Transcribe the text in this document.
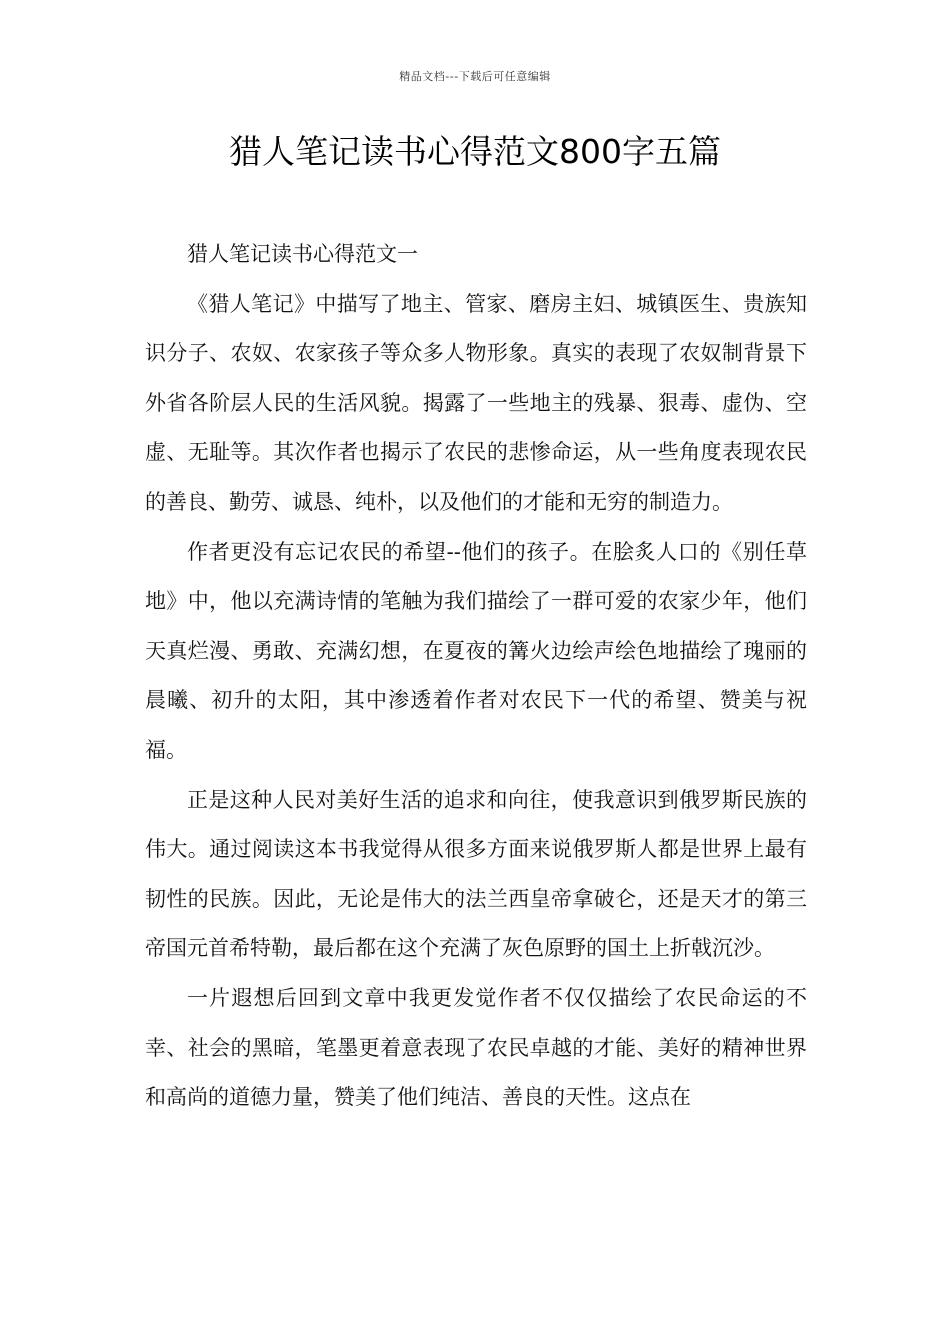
精品文档---下载后可任意编辑
猎人笔记读书心得范文800字五篇

猎人笔记读书心得范文一

《猎人笔记》中描写了地主、管家、磨房主妇、城镇医生、贵族知识分子、农奴、农家孩子等众多人物形象。真实的表现了农奴制背景下外省各阶层人民的生活风貌。揭露了一些地主的残暴、狠毒、虚伪、空虚、无耻等。其次作者也揭示了农民的悲惨命运，从一些角度表现农民的善良、勤劳、诚恳、纯朴，以及他们的才能和无穷的制造力。

作者更没有忘记农民的希望--他们的孩子。在脍炙人口的《别任草地》中，他以充满诗情的笔触为我们描绘了一群可爱的农家少年，他们天真烂漫、勇敢、充满幻想，在夏夜的篝火边绘声绘色地描绘了瑰丽的晨曦、初升的太阳，其中渗透着作者对农民下一代的希望、赞美与祝福。

正是这种人民对美好生活的追求和向往，使我意识到俄罗斯民族的伟大。通过阅读这本书我觉得从很多方面来说俄罗斯人都是世界上最有韧性的民族。因此，无论是伟大的法兰西皇帝拿破仑，还是天才的第三帝国元首希特勒，最后都在这个充满了灰色原野的国土上折戟沉沙。

一片遐想后回到文章中我更发觉作者不仅仅描绘了农民命运的不幸、社会的黑暗，笔墨更着意表现了农民卓越的才能、美好的精神世界和高尚的道德力量，赞美了他们纯洁、善良的天性。这点在
